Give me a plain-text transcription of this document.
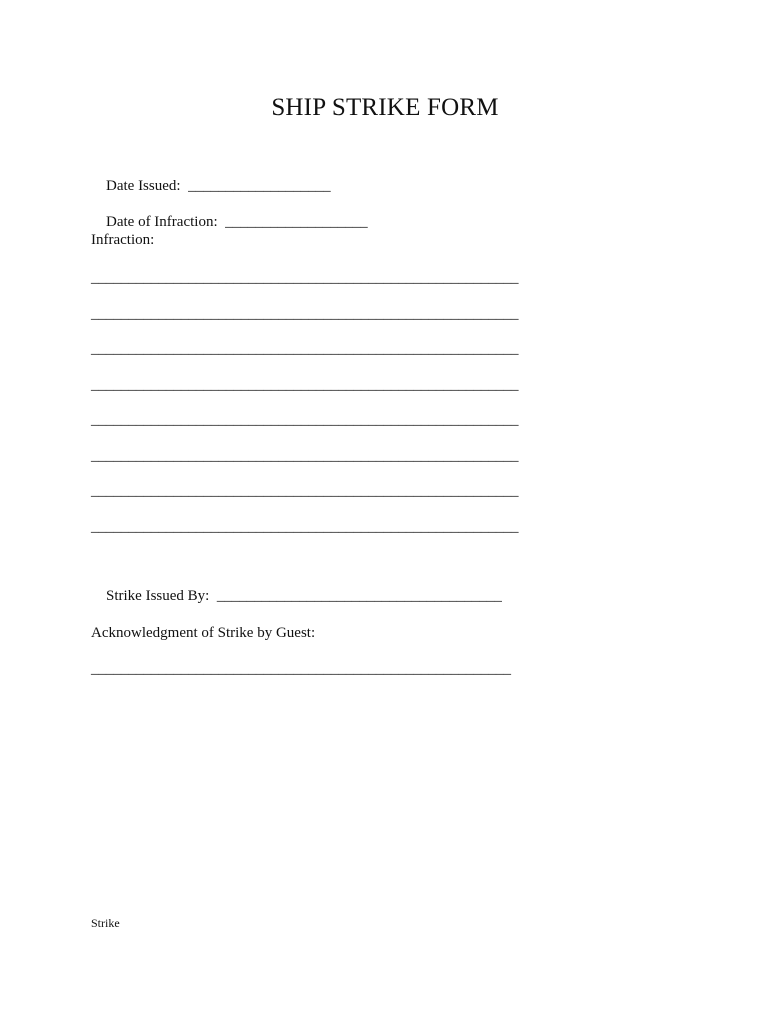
SHIP STRIKE FORM

Date Issued: ___________________

Date of Infraction: ___________________

Infraction:
_________________________________________________________
_________________________________________________________
_________________________________________________________
_________________________________________________________
_________________________________________________________
_________________________________________________________
_________________________________________________________
_________________________________________________________

Strike Issued By: ______________________________________

Acknowledgment of Strike by Guest:
________________________________________________________
Strike
